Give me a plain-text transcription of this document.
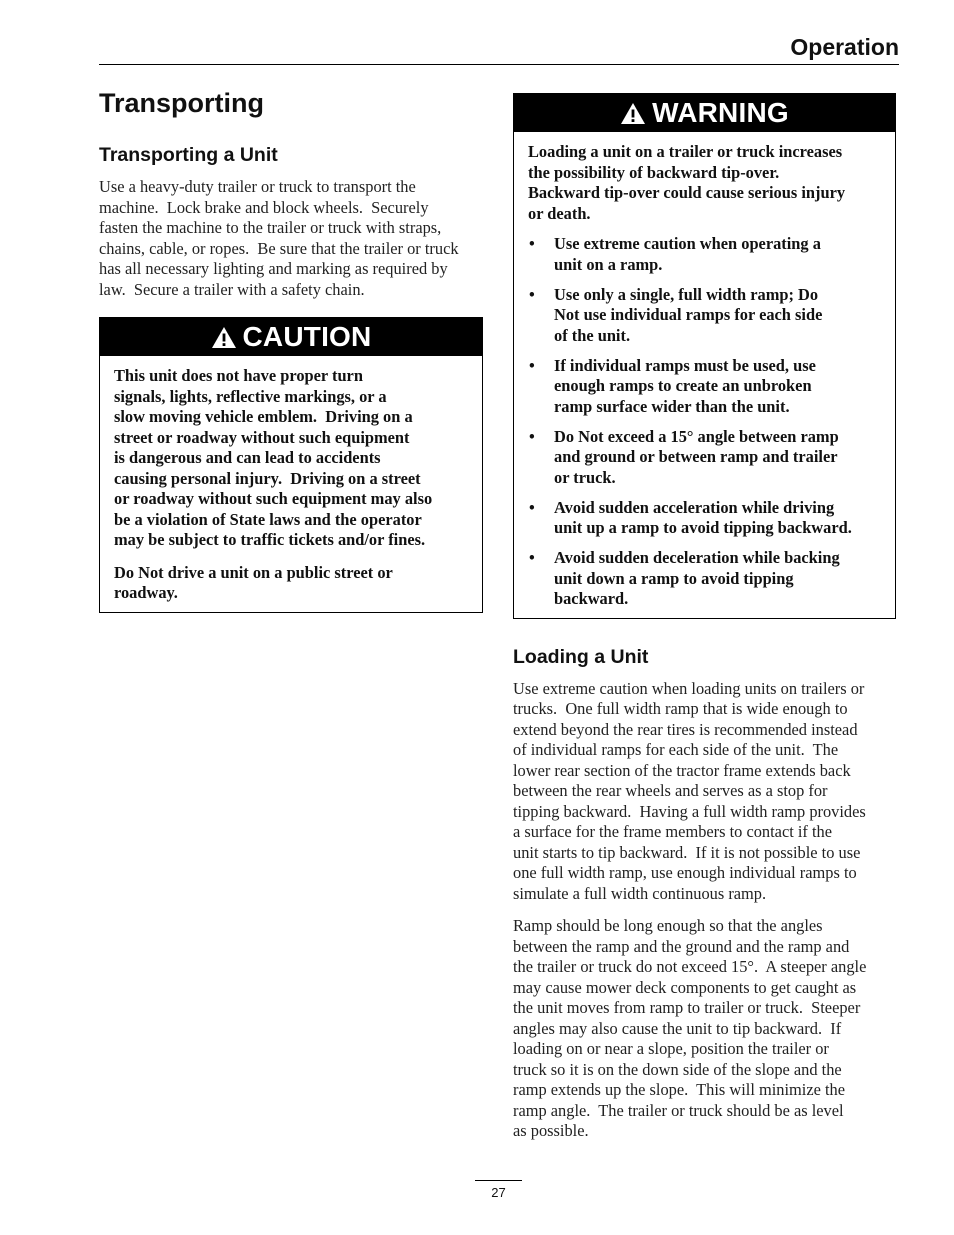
Operation
Transporting
Transporting a Unit

Use a heavy-duty trailer or truck to transport the
machine.  Lock brake and block wheels.  Securely
fasten the machine to the trailer or truck with straps,
chains, cable, or ropes.  Be sure that the trailer or truck
has all necessary lighting and marking as required by
law.  Secure a trailer with a safety chain.

CAUTION

This unit does not have proper turn
signals, lights, reflective markings, or a
slow moving vehicle emblem.  Driving on a
street or roadway without such equipment
is dangerous and can lead to accidents
causing personal injury.  Driving on a street
or roadway without such equipment may also
be a violation of State laws and the operator
may be subject to traffic tickets and/or fines.

Do Not drive a unit on a public street or
roadway.

WARNING

Loading a unit on a trailer or truck increases
the possibility of backward tip-over.
Backward tip-over could cause serious injury
or death.

• Use extreme caution when operating a
unit on a ramp.
• Use only a single, full width ramp; Do
Not use individual ramps for each side
of the unit.
• If individual ramps must be used, use
enough ramps to create an unbroken
ramp surface wider than the unit.
• Do Not exceed a 15° angle between ramp
and ground or between ramp and trailer
or truck.
• Avoid sudden acceleration while driving
unit up a ramp to avoid tipping backward.
• Avoid sudden deceleration while backing
unit down a ramp to avoid tipping
backward.
Loading a Unit

Use extreme caution when loading units on trailers or
trucks.  One full width ramp that is wide enough to
extend beyond the rear tires is recommended instead
of individual ramps for each side of the unit.  The
lower rear section of the tractor frame extends back
between the rear wheels and serves as a stop for
tipping backward.  Having a full width ramp provides
a surface for the frame members to contact if the
unit starts to tip backward.  If it is not possible to use
one full width ramp, use enough individual ramps to
simulate a full width continuous ramp.

Ramp should be long enough so that the angles
between the ramp and the ground and the ramp and
the trailer or truck do not exceed 15°.  A steeper angle
may cause mower deck components to get caught as
the unit moves from ramp to trailer or truck.  Steeper
angles may also cause the unit to tip backward.  If
loading on or near a slope, position the trailer or
truck so it is on the down side of the slope and the
ramp extends up the slope.  This will minimize the
ramp angle.  The trailer or truck should be as level
as possible.

27
